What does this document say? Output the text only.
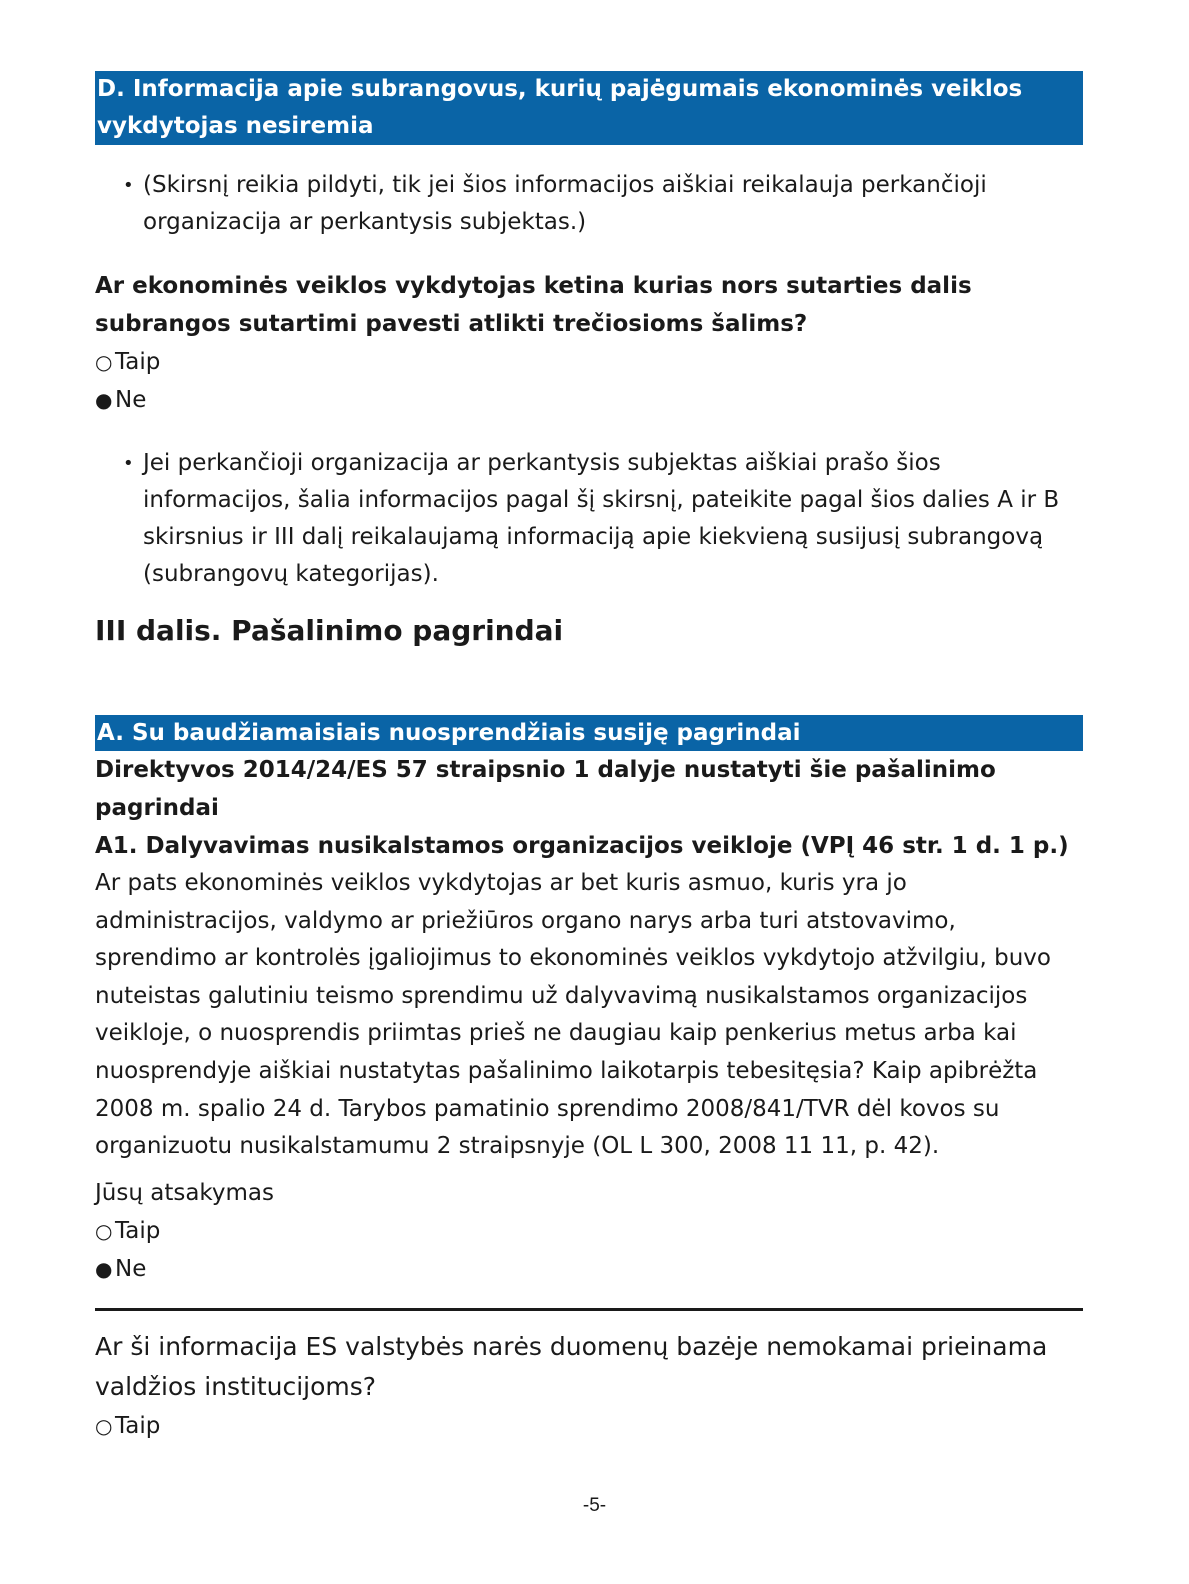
D. Informacija apie subrangovus, kurių pajėgumais ekonominės veiklos vykdytojas nesiremia
• (Skirsnį reikia pildyti, tik jei šios informacijos aiškiai reikalauja perkančioji organizacija ar perkantysis subjektas.)
Ar ekonominės veiklos vykdytojas ketina kurias nors sutarties dalis subrangos sutartimi pavesti atlikti trečiosioms šalims?
○ Taip
● Ne
• Jei perkančioji organizacija ar perkantysis subjektas aiškiai prašo šios informacijos, šalia informacijos pagal šį skirsnį, pateikite pagal šios dalies A ir B skirsnius ir III dalį reikalaujamą informaciją apie kiekvieną susijusį subrangovą (subrangovų kategorijas).
III dalis. Pašalinimo pagrindai
A. Su baudžiamaisiais nuosprendžiais susiję pagrindai
Direktyvos 2014/24/ES 57 straipsnio 1 dalyje nustatyti šie pašalinimo pagrindai
A1. Dalyvavimas nusikalstamos organizacijos veikloje (VPĮ 46 str. 1 d. 1 p.)
Ar pats ekonominės veiklos vykdytojas ar bet kuris asmuo, kuris yra jo administracijos, valdymo ar priežiūros organo narys arba turi atstovavimo, sprendimo ar kontrolės įgaliojimus to ekonominės veiklos vykdytojo atžvilgiu, buvo nuteistas galutiniu teismo sprendimu už dalyvavimą nusikalstamos organizacijos veikloje, o nuosprendis priimtas prieš ne daugiau kaip penkerius metus arba kai nuosprendyje aiškiai nustatytas pašalinimo laikotarpis tebesitęsia? Kaip apibrėžta 2008 m. spalio 24 d. Tarybos pamatinio sprendimo 2008/841/TVR dėl kovos su organizuotu nusikalstamumu 2 straipsnyje (OL L 300, 2008 11 11, p. 42).
Jūsų atsakymas
○ Taip
● Ne
Ar ši informacija ES valstybės narės duomenų bazėje nemokamai prieinama valdžios institucijoms?
○ Taip
-5-
